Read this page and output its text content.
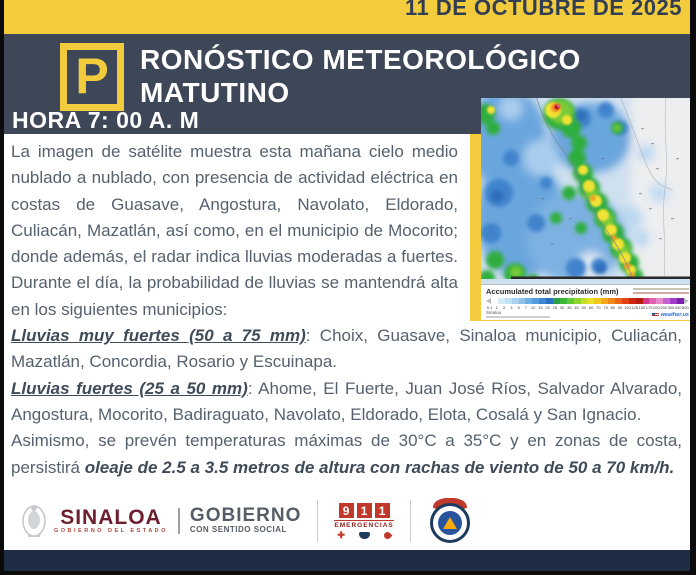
11 DE OCTUBRE DE 2025
P RONÓSTICO METEOROLÓGICO
MATUTINO
HORA 7: 00 A. M

La imagen de satélite muestra esta mañana cielo medio nublado a nublado, con presencia de actividad eléctrica en costas de Guasave, Angostura, Navolato, Eldorado, Culiacán, Mazatlán, así como, en el municipio de Mocorito; donde además, el radar indica lluvias moderadas a fuertes. Durante el día, la probabilidad de lluvias se mantendrá alta en los siguientes municipios:

Lluvias muy fuertes (50 a 75 mm): Choix, Guasave, Sinaloa municipio, Culiacán, Mazatlán, Concordia, Rosario y Escuinapa.

Lluvias fuertes (25 a 50 mm): Ahome, El Fuerte, Juan José Ríos, Salvador Alvarado, Angostura, Mocorito, Badiraguato, Navolato, Eldorado, Elota, Cosalá y San Ignacio.

Asimismo, se prevén temperaturas máximas de 30°C a 35°C y en zonas de costa, persistirá oleaje de 2.5 a 3.5 metros de altura con rachas de viento de 50 a 70 km/h.

Accumulated total precipitation (mm)
0.1 1	2	3	5	7 10 15 20 25 30 35 40 50 60 70 75 80 90 100 125 150 175 200 250 300 400 500
Sinaloa	weather.us
SINALOA
GOBIERNO DEL ESTADO
GOBIERNO
CON SENTIDO SOCIAL
9 1 1
EMERGENCIAS
✚
